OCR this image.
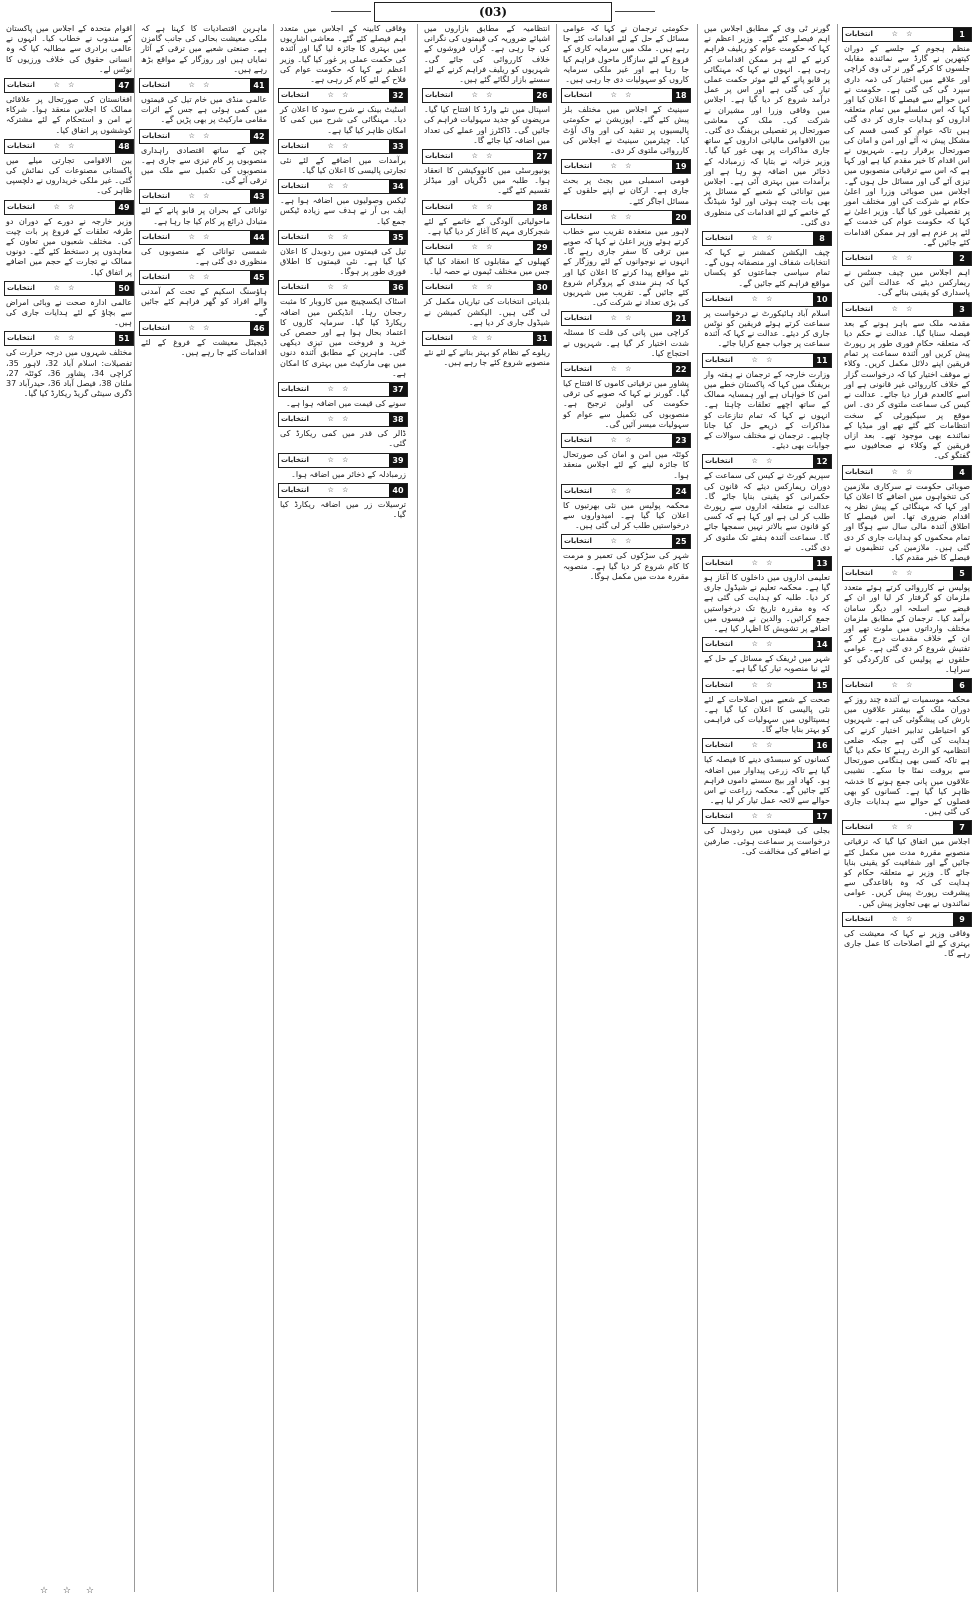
(03)
انتخابات	☆ ☆	1
منظم ہجوم کے جلسے کے دوران کیتھرین نے گارڈ سے نمائندہ مقابلہ جلسوں کا کرکے گور نر ٹی وی کراچی اور علاقے میں اختیار کی ذمہ داری سپرد گی کی گئی ہے۔ حکومت نے اس حوالے سے فیصلے کا اعلان کیا اور کہا کہ اس سلسلے میں تمام متعلقہ اداروں کو ہدایات جاری کر دی گئی ہیں تاکہ عوام کو کسی قسم کی مشکل پیش نہ آئے اور امن و امان کی صورتحال برقرار رہے۔ شہریوں نے اس اقدام کا خیر مقدم کیا ہے اور کہا ہے کہ اس سے ترقیاتی منصوبوں میں تیزی آئے گی اور مسائل حل ہوں گے۔ اجلاس میں صوبائی وزرا اور اعلیٰ حکام نے شرکت کی اور مختلف امور پر تفصیلی غور کیا گیا۔ وزیر اعلیٰ نے کہا کہ حکومت عوام کی خدمت کے لئے پر عزم ہے اور ہر ممکن اقدامات کئے جائیں گے۔
انتخابات	☆ ☆	2
اہم اجلاس میں چیف جسٹس نے ریمارکس دیئے کہ عدالت آئین کی پاسداری کو یقینی بنائے گی۔
انتخابات	☆ ☆	3
مقدمہ ملک سے باہر ہونے کے بعد فیصلہ سنایا گیا۔ عدالت نے حکم دیا کہ متعلقہ حکام فوری طور پر رپورٹ پیش کریں اور آئندہ سماعت پر تمام فریقین اپنے دلائل مکمل کریں۔ وکلاء نے موقف اختیار کیا کہ درخواست گزار کے خلاف کارروائی غیر قانونی ہے اور اسے کالعدم قرار دیا جائے۔ عدالت نے کیس کی سماعت ملتوی کر دی۔ اس موقع پر سیکیورٹی کے سخت انتظامات کئے گئے تھے اور میڈیا کے نمائندے بھی موجود تھے۔ بعد ازاں فریقین کے وکلاء نے صحافیوں سے گفتگو کی۔
انتخابات	☆ ☆	4
صوبائی حکومت نے سرکاری ملازمین کی تنخواہوں میں اضافے کا اعلان کیا اور کہا کہ مہنگائی کے پیش نظر یہ اقدام ضروری تھا۔ اس فیصلے کا اطلاق آئندہ مالی سال سے ہوگا اور تمام محکموں کو ہدایات جاری کر دی گئی ہیں۔ ملازمین کی تنظیموں نے فیصلے کا خیر مقدم کیا۔
انتخابات	☆ ☆	5
پولیس نے کارروائی کرتے ہوئے متعدد ملزمان کو گرفتار کر لیا اور ان کے قبضے سے اسلحہ اور دیگر سامان برآمد کیا۔ ترجمان کے مطابق ملزمان مختلف وارداتوں میں ملوث تھے اور ان کے خلاف مقدمات درج کر کے تفتیش شروع کر دی گئی ہے۔ عوامی حلقوں نے پولیس کی کارکردگی کو سراہا۔
انتخابات	☆ ☆	6
محکمہ موسمیات نے آئندہ چند روز کے دوران ملک کے بیشتر علاقوں میں بارش کی پیشگوئی کی ہے۔ شہریوں کو احتیاطی تدابیر اختیار کرنے کی ہدایت کی گئی ہے جبکہ ضلعی انتظامیہ کو الرٹ رہنے کا حکم دیا گیا ہے تاکہ کسی بھی ہنگامی صورتحال سے بروقت نمٹا جا سکے۔ نشیبی علاقوں میں پانی جمع ہونے کا خدشہ ظاہر کیا گیا ہے۔ کسانوں کو بھی فصلوں کے حوالے سے ہدایات جاری کی گئی ہیں۔
انتخابات	☆ ☆	7
اجلاس میں اتفاق کیا گیا کہ ترقیاتی منصوبے مقررہ مدت میں مکمل کئے جائیں گے اور شفافیت کو یقینی بنایا جائے گا۔ وزیر نے متعلقہ حکام کو ہدایت کی کہ وہ باقاعدگی سے پیشرفت رپورٹ پیش کریں۔ عوامی نمائندوں نے بھی تجاویز پیش کیں۔
انتخابات	☆ ☆	9
وفاقی وزیر نے کہا کہ معیشت کی بہتری کے لئے اصلاحات کا عمل جاری رہے گا۔
گورنر ٹی وی کے مطابق اجلاس میں اہم فیصلے کئے گئے۔ وزیر اعظم نے کہا کہ حکومت عوام کو ریلیف فراہم کرنے کے لئے ہر ممکن اقدامات کر رہی ہے۔ انہوں نے کہا کہ مہنگائی پر قابو پانے کے لئے موثر حکمت عملی تیار کی گئی ہے اور اس پر عمل درآمد شروع کر دیا گیا ہے۔ اجلاس میں وفاقی وزرا اور مشیران نے شرکت کی۔ ملک کی معاشی صورتحال پر تفصیلی بریفنگ دی گئی۔ بین الاقوامی مالیاتی اداروں کے ساتھ جاری مذاکرات پر بھی غور کیا گیا۔ وزیر خزانہ نے بتایا کہ زرمبادلہ کے ذخائر میں اضافہ ہو رہا ہے اور برآمدات میں بہتری آئی ہے۔ اجلاس میں توانائی کے شعبے کے مسائل پر بھی بات چیت ہوئی اور لوڈ شیڈنگ کے خاتمے کے لئے اقدامات کی منظوری دی گئی۔
انتخابات	☆ ☆	8
چیف الیکشن کمشنر نے کہا کہ انتخابات شفاف اور منصفانہ ہوں گے۔ تمام سیاسی جماعتوں کو یکساں مواقع فراہم کئے جائیں گے۔
انتخابات	☆ ☆	10
اسلام آباد ہائیکورٹ نے درخواست پر سماعت کرتے ہوئے فریقین کو نوٹس جاری کر دیئے۔ عدالت نے کہا کہ آئندہ سماعت پر جواب جمع کرایا جائے۔
انتخابات	☆ ☆	11
وزارت خارجہ کے ترجمان نے ہفتہ وار بریفنگ میں کہا کہ پاکستان خطے میں امن کا خواہاں ہے اور ہمسایہ ممالک کے ساتھ اچھے تعلقات چاہتا ہے۔ انہوں نے کہا کہ تمام تنازعات کو مذاکرات کے ذریعے حل کیا جانا چاہیے۔ ترجمان نے مختلف سوالات کے جوابات بھی دیئے۔
انتخابات	☆ ☆	12
سپریم کورٹ نے کیس کی سماعت کے دوران ریمارکس دیئے کہ قانون کی حکمرانی کو یقینی بنایا جائے گا۔ عدالت نے متعلقہ اداروں سے رپورٹ طلب کر لی ہے اور کہا ہے کہ کسی کو قانون سے بالاتر نہیں سمجھا جائے گا۔ سماعت آئندہ ہفتے تک ملتوی کر دی گئی۔
انتخابات	☆ ☆	13
تعلیمی اداروں میں داخلوں کا آغاز ہو گیا ہے۔ محکمہ تعلیم نے شیڈول جاری کر دیا۔ طلبہ کو ہدایت کی گئی ہے کہ وہ مقررہ تاریخ تک درخواستیں جمع کرائیں۔ والدین نے فیسوں میں اضافے پر تشویش کا اظہار کیا ہے۔
انتخابات	☆ ☆	14
شہر میں ٹریفک کے مسائل کے حل کے لئے نیا منصوبہ تیار کیا گیا ہے۔
انتخابات	☆ ☆	15
صحت کے شعبے میں اصلاحات کے لئے نئی پالیسی کا اعلان کیا گیا ہے۔ ہسپتالوں میں سہولیات کی فراہمی کو بہتر بنایا جائے گا۔
انتخابات	☆ ☆	16
کسانوں کو سبسڈی دینے کا فیصلہ کیا گیا ہے تاکہ زرعی پیداوار میں اضافہ ہو۔ کھاد اور بیج سستے داموں فراہم کئے جائیں گے۔ محکمہ زراعت نے اس حوالے سے لائحہ عمل تیار کر لیا ہے۔
انتخابات	☆ ☆	17
بجلی کی قیمتوں میں ردوبدل کی درخواست پر سماعت ہوئی۔ صارفین نے اضافے کی مخالفت کی۔
حکومتی ترجمان نے کہا کہ عوامی مسائل کے حل کے لئے اقدامات کئے جا رہے ہیں۔ ملک میں سرمایہ کاری کے فروغ کے لئے سازگار ماحول فراہم کیا جا رہا ہے اور غیر ملکی سرمایہ کاروں کو سہولیات دی جا رہی ہیں۔
انتخابات	☆ ☆	18
سینیٹ کے اجلاس میں مختلف بلز پیش کئے گئے۔ اپوزیشن نے حکومتی پالیسیوں پر تنقید کی اور واک آؤٹ کیا۔ چیئرمین سینیٹ نے اجلاس کی کارروائی ملتوی کر دی۔
انتخابات	☆ ☆	19
قومی اسمبلی میں بجٹ پر بحث جاری ہے۔ ارکان نے اپنے حلقوں کے مسائل اجاگر کئے۔
انتخابات	☆ ☆	20
لاہور میں منعقدہ تقریب سے خطاب کرتے ہوئے وزیر اعلیٰ نے کہا کہ صوبے میں ترقی کا سفر جاری رہے گا۔ انہوں نے نوجوانوں کے لئے روزگار کے نئے مواقع پیدا کرنے کا اعلان کیا اور کہا کہ ہنر مندی کے پروگرام شروع کئے جائیں گے۔ تقریب میں شہریوں کی بڑی تعداد نے شرکت کی۔
انتخابات	☆ ☆	21
کراچی میں پانی کی قلت کا مسئلہ شدت اختیار کر گیا ہے۔ شہریوں نے احتجاج کیا۔
انتخابات	☆ ☆	22
پشاور میں ترقیاتی کاموں کا افتتاح کیا گیا۔ گورنر نے کہا کہ صوبے کی ترقی حکومت کی اولین ترجیح ہے۔ منصوبوں کی تکمیل سے عوام کو سہولیات میسر آئیں گی۔
انتخابات	☆ ☆	23
کوئٹہ میں امن و امان کی صورتحال کا جائزہ لینے کے لئے اجلاس منعقد ہوا۔
انتخابات	☆ ☆	24
محکمہ پولیس میں نئی بھرتیوں کا اعلان کیا گیا ہے۔ امیدواروں سے درخواستیں طلب کر لی گئی ہیں۔
انتخابات	☆ ☆	25
شہر کی سڑکوں کی تعمیر و مرمت کا کام شروع کر دیا گیا ہے۔ منصوبہ مقررہ مدت میں مکمل ہوگا۔
انتظامیہ کے مطابق بازاروں میں اشیائے ضروریہ کی قیمتوں کی نگرانی کی جا رہی ہے۔ گراں فروشوں کے خلاف کارروائی کی جائے گی۔ شہریوں کو ریلیف فراہم کرنے کے لئے سستے بازار لگائے گئے ہیں۔
انتخابات	☆ ☆	26
اسپتال میں نئے وارڈ کا افتتاح کیا گیا۔ مریضوں کو جدید سہولیات فراہم کی جائیں گی۔ ڈاکٹرز اور عملے کی تعداد میں اضافہ کیا جائے گا۔
انتخابات	☆ ☆	27
یونیورسٹی میں کانووکیشن کا انعقاد ہوا۔ طلبہ میں ڈگریاں اور میڈلز تقسیم کئے گئے۔
انتخابات	☆ ☆	28
ماحولیاتی آلودگی کے خاتمے کے لئے شجرکاری مہم کا آغاز کر دیا گیا ہے۔
انتخابات	☆ ☆	29
کھیلوں کے مقابلوں کا انعقاد کیا گیا جس میں مختلف ٹیموں نے حصہ لیا۔
انتخابات	☆ ☆	30
بلدیاتی انتخابات کی تیاریاں مکمل کر لی گئی ہیں۔ الیکشن کمیشن نے شیڈول جاری کر دیا ہے۔
انتخابات	☆ ☆	31
ریلوے کے نظام کو بہتر بنانے کے لئے نئے منصوبے شروع کئے جا رہے ہیں۔
وفاقی کابینہ کے اجلاس میں متعدد اہم فیصلے کئے گئے۔ معاشی اشاریوں میں بہتری کا جائزہ لیا گیا اور آئندہ کی حکمت عملی پر غور کیا گیا۔ وزیر اعظم نے کہا کہ حکومت عوام کی فلاح کے لئے کام کر رہی ہے۔
انتخابات	☆ ☆	32
اسٹیٹ بینک نے شرح سود کا اعلان کر دیا۔ مہنگائی کی شرح میں کمی کا امکان ظاہر کیا گیا ہے۔
انتخابات	☆ ☆	33
برآمدات میں اضافے کے لئے نئی تجارتی پالیسی کا اعلان کیا گیا۔
انتخابات	☆ ☆	34
ٹیکس وصولیوں میں اضافہ ہوا ہے۔ ایف بی آر نے ہدف سے زیادہ ٹیکس جمع کیا۔
انتخابات	☆ ☆	35
تیل کی قیمتوں میں ردوبدل کا اعلان کیا گیا ہے۔ نئی قیمتوں کا اطلاق فوری طور پر ہوگا۔
انتخابات	☆ ☆	36
اسٹاک ایکسچینج میں کاروبار کا مثبت رجحان رہا۔ انڈیکس میں اضافہ ریکارڈ کیا گیا۔ سرمایہ کاروں کا اعتماد بحال ہوا ہے اور حصص کی خرید و فروخت میں تیزی دیکھی گئی۔ ماہرین کے مطابق آئندہ دنوں میں بھی مارکیٹ میں بہتری کا امکان ہے۔
انتخابات	☆ ☆	37
سونے کی قیمت میں اضافہ ہوا ہے۔
انتخابات	☆ ☆	38
ڈالر کی قدر میں کمی ریکارڈ کی گئی۔
انتخابات	☆ ☆	39
زرمبادلہ کے ذخائر میں اضافہ ہوا۔
انتخابات	☆ ☆	40
ترسیلات زر میں اضافہ ریکارڈ کیا گیا۔
ماہرین اقتصادیات کا کہنا ہے کہ ملکی معیشت بحالی کی جانب گامزن ہے۔ صنعتی شعبے میں ترقی کے آثار نمایاں ہیں اور روزگار کے مواقع بڑھ رہے ہیں۔
انتخابات	☆ ☆	41
عالمی منڈی میں خام تیل کی قیمتوں میں کمی ہوئی ہے جس کے اثرات مقامی مارکیٹ پر بھی پڑیں گے۔
انتخابات	☆ ☆	42
چین کے ساتھ اقتصادی راہداری منصوبوں پر کام تیزی سے جاری ہے۔ منصوبوں کی تکمیل سے ملک میں ترقی آئے گی۔
انتخابات	☆ ☆	43
توانائی کے بحران پر قابو پانے کے لئے متبادل ذرائع پر کام کیا جا رہا ہے۔
انتخابات	☆ ☆	44
شمسی توانائی کے منصوبوں کی منظوری دی گئی ہے۔
انتخابات	☆ ☆	45
ہاؤسنگ اسکیم کے تحت کم آمدنی والے افراد کو گھر فراہم کئے جائیں گے۔
انتخابات	☆ ☆	46
ڈیجیٹل معیشت کے فروغ کے لئے اقدامات کئے جا رہے ہیں۔
اقوام متحدہ کے اجلاس میں پاکستان کے مندوب نے خطاب کیا۔ انہوں نے عالمی برادری سے مطالبہ کیا کہ وہ انسانی حقوق کی خلاف ورزیوں کا نوٹس لے۔
انتخابات	☆ ☆	47
افغانستان کی صورتحال پر علاقائی ممالک کا اجلاس منعقد ہوا۔ شرکاء نے امن و استحکام کے لئے مشترکہ کوششوں پر اتفاق کیا۔
انتخابات	☆ ☆	48
بین الاقوامی تجارتی میلے میں پاکستانی مصنوعات کی نمائش کی گئی۔ غیر ملکی خریداروں نے دلچسپی ظاہر کی۔
انتخابات	☆ ☆	49
وزیر خارجہ نے دورے کے دوران دو طرفہ تعلقات کے فروغ پر بات چیت کی۔ مختلف شعبوں میں تعاون کے معاہدوں پر دستخط کئے گئے۔ دونوں ممالک نے تجارت کے حجم میں اضافے پر اتفاق کیا۔
انتخابات	☆ ☆	50
عالمی ادارہ صحت نے وبائی امراض سے بچاؤ کے لئے ہدایات جاری کی ہیں۔
انتخابات	☆ ☆	51
مختلف شہروں میں درجہ حرارت کی تفصیلات: اسلام آباد 32، لاہور 35، کراچی 34، پشاور 36، کوئٹہ 27، ملتان 38، فیصل آباد 36، حیدرآباد 37 ڈگری سینٹی گریڈ ریکارڈ کیا گیا۔
☆ ☆ ☆
